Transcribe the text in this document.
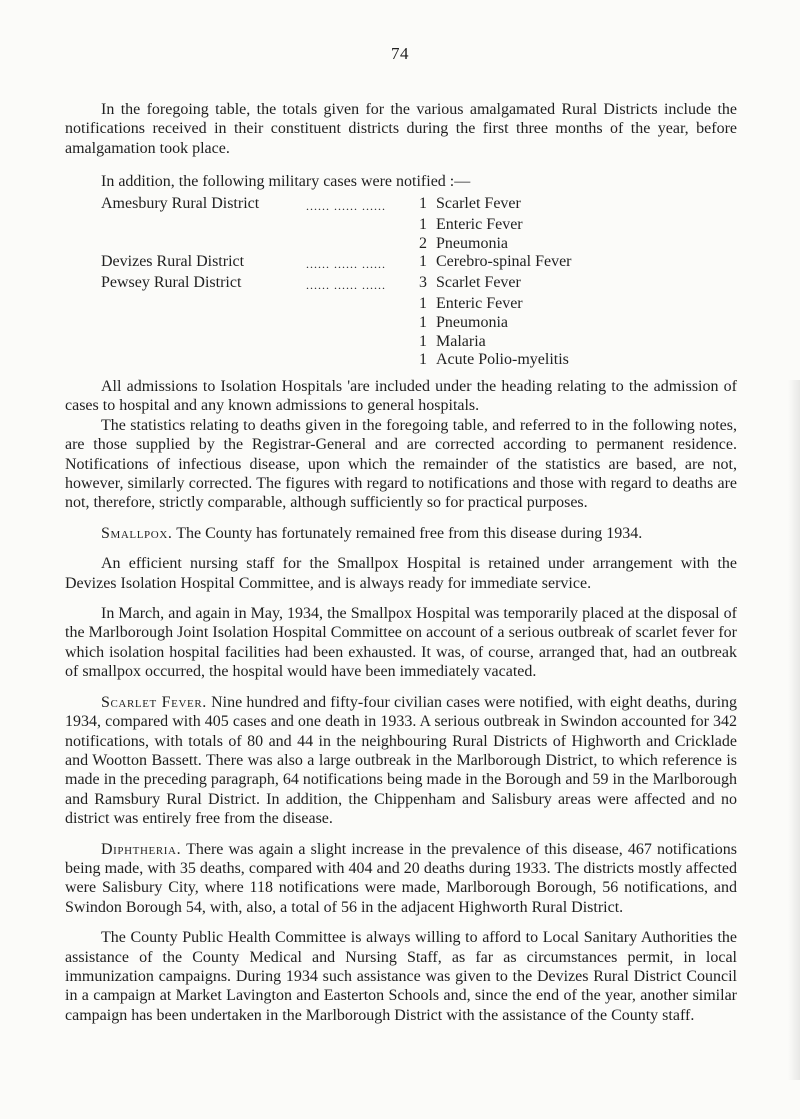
74

In the foregoing table, the totals given for the various amalgamated Rural Districts include the notifications received in their constituent districts during the first three months of the year, before amalgamation took place.

In addition, the following military cases were notified :—

Amesbury Rural District	...... ...... ......	1 Scarlet Fever
1 Enteric Fever
2 Pneumonia
Devizes Rural District	...... ...... ......	1 Cerebro-spinal Fever
Pewsey Rural District	...... ...... ......	3 Scarlet Fever
1 Enteric Fever
1 Pneumonia
1 Malaria
1 Acute Polio-myelitis

All admissions to Isolation Hospitals 'are included under the heading relating to the admission of cases to hospital and any known admissions to general hospitals.

The statistics relating to deaths given in the foregoing table, and referred to in the following notes, are those supplied by the Registrar-General and are corrected according to permanent residence. Notifications of infectious disease, upon which the remainder of the statistics are based, are not, however, similarly corrected. The figures with regard to notifications and those with regard to deaths are not, therefore, strictly comparable, although sufficiently so for practical purposes.

Smallpox. The County has fortunately remained free from this disease during 1934.

An efficient nursing staff for the Smallpox Hospital is retained under arrangement with the Devizes Isolation Hospital Committee, and is always ready for immediate service.

In March, and again in May, 1934, the Smallpox Hospital was temporarily placed at the disposal of the Marlborough Joint Isolation Hospital Committee on account of a serious outbreak of scarlet fever for which isolation hospital facilities had been exhausted. It was, of course, arranged that, had an outbreak of smallpox occurred, the hospital would have been immediately vacated.

Scarlet Fever. Nine hundred and fifty-four civilian cases were notified, with eight deaths, during 1934, compared with 405 cases and one death in 1933. A serious outbreak in Swindon accounted for 342 notifications, with totals of 80 and 44 in the neighbouring Rural Districts of Highworth and Cricklade and Wootton Bassett. There was also a large outbreak in the Marlborough District, to which reference is made in the preceding paragraph, 64 notifications being made in the Borough and 59 in the Marlborough and Ramsbury Rural District. In addition, the Chippenham and Salisbury areas were affected and no district was entirely free from the disease.

Diphtheria. There was again a slight increase in the prevalence of this disease, 467 notifications being made, with 35 deaths, compared with 404 and 20 deaths during 1933. The districts mostly affected were Salisbury City, where 118 notifications were made, Marlborough Borough, 56 notifications, and Swindon Borough 54, with, also, a total of 56 in the adjacent Highworth Rural District.

The County Public Health Committee is always willing to afford to Local Sanitary Authorities the assistance of the County Medical and Nursing Staff, as far as circumstances permit, in local immunization campaigns. During 1934 such assistance was given to the Devizes Rural District Council in a campaign at Market Lavington and Easterton Schools and, since the end of the year, another similar campaign has been undertaken in the Marlborough District with the assistance of the County staff.
